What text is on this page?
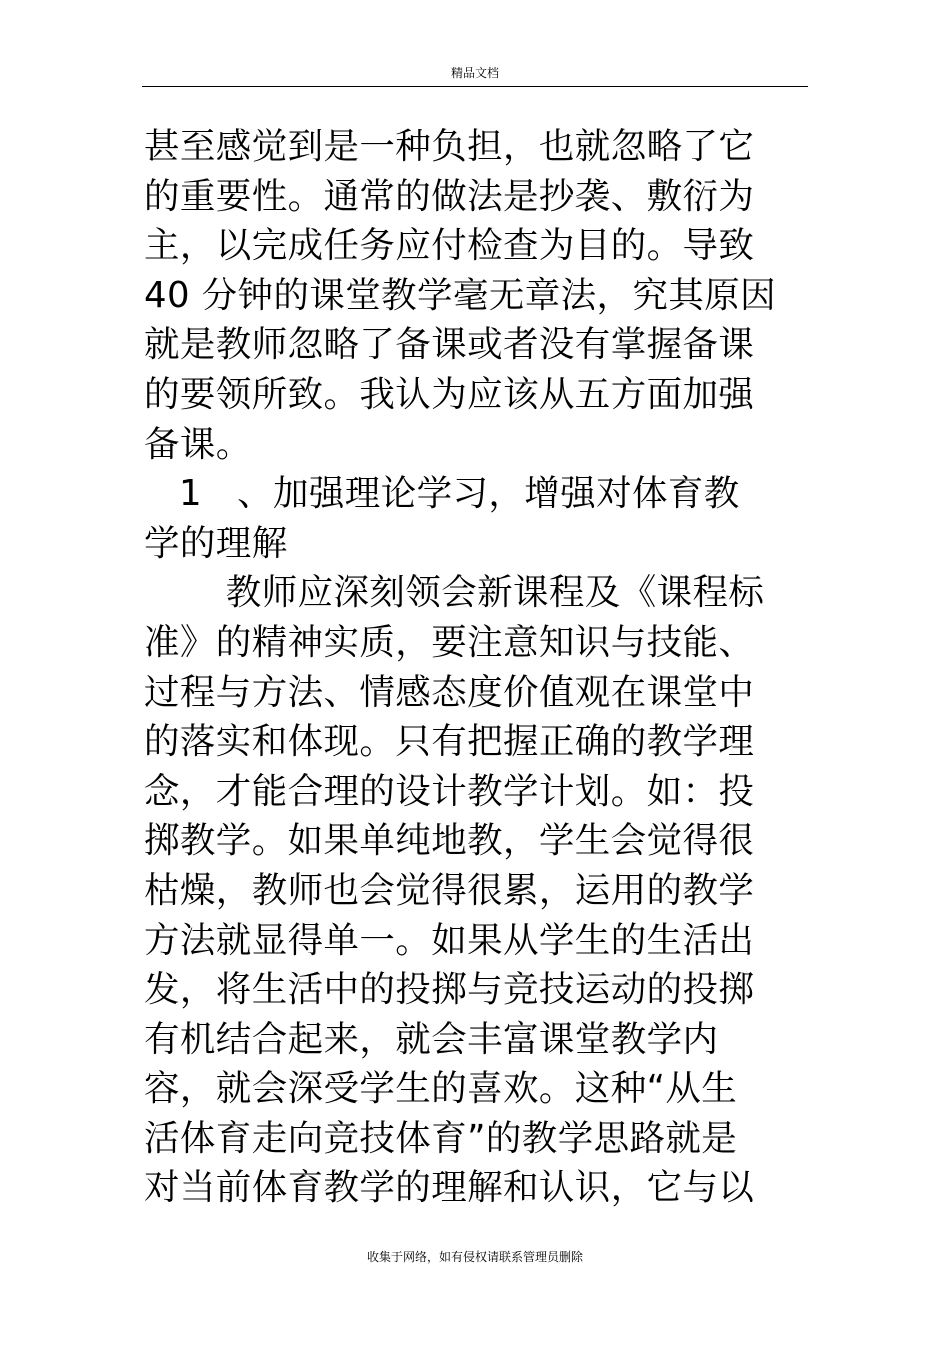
精品文档
甚至感觉到是一种负担，也就忽略了它
的重要性。通常的做法是抄袭、敷衍为
主，以完成任务应付检查为目的。导致
40 分钟的课堂教学毫无章法，究其原因
就是教师忽略了备课或者没有掌握备课
的要领所致。我认为应该从五方面加强
备课。
1   、加强理论学习，增强对体育教
学的理解
教师应深刻领会新课程及《课程标
准》的精神实质，要注意知识与技能、
过程与方法、情感态度价值观在课堂中
的落实和体现。只有把握正确的教学理
念，才能合理的设计教学计划。如：投
掷教学。如果单纯地教，学生会觉得很
枯燥，教师也会觉得很累，运用的教学
方法就显得单一。如果从学生的生活出
发，将生活中的投掷与竞技运动的投掷
有机结合起来，就会丰富课堂教学内
容，就会深受学生的喜欢。这种“从生
活体育走向竞技体育”的教学思路就是
对当前体育教学的理解和认识，它与以
收集于网络，如有侵权请联系管理员删除
